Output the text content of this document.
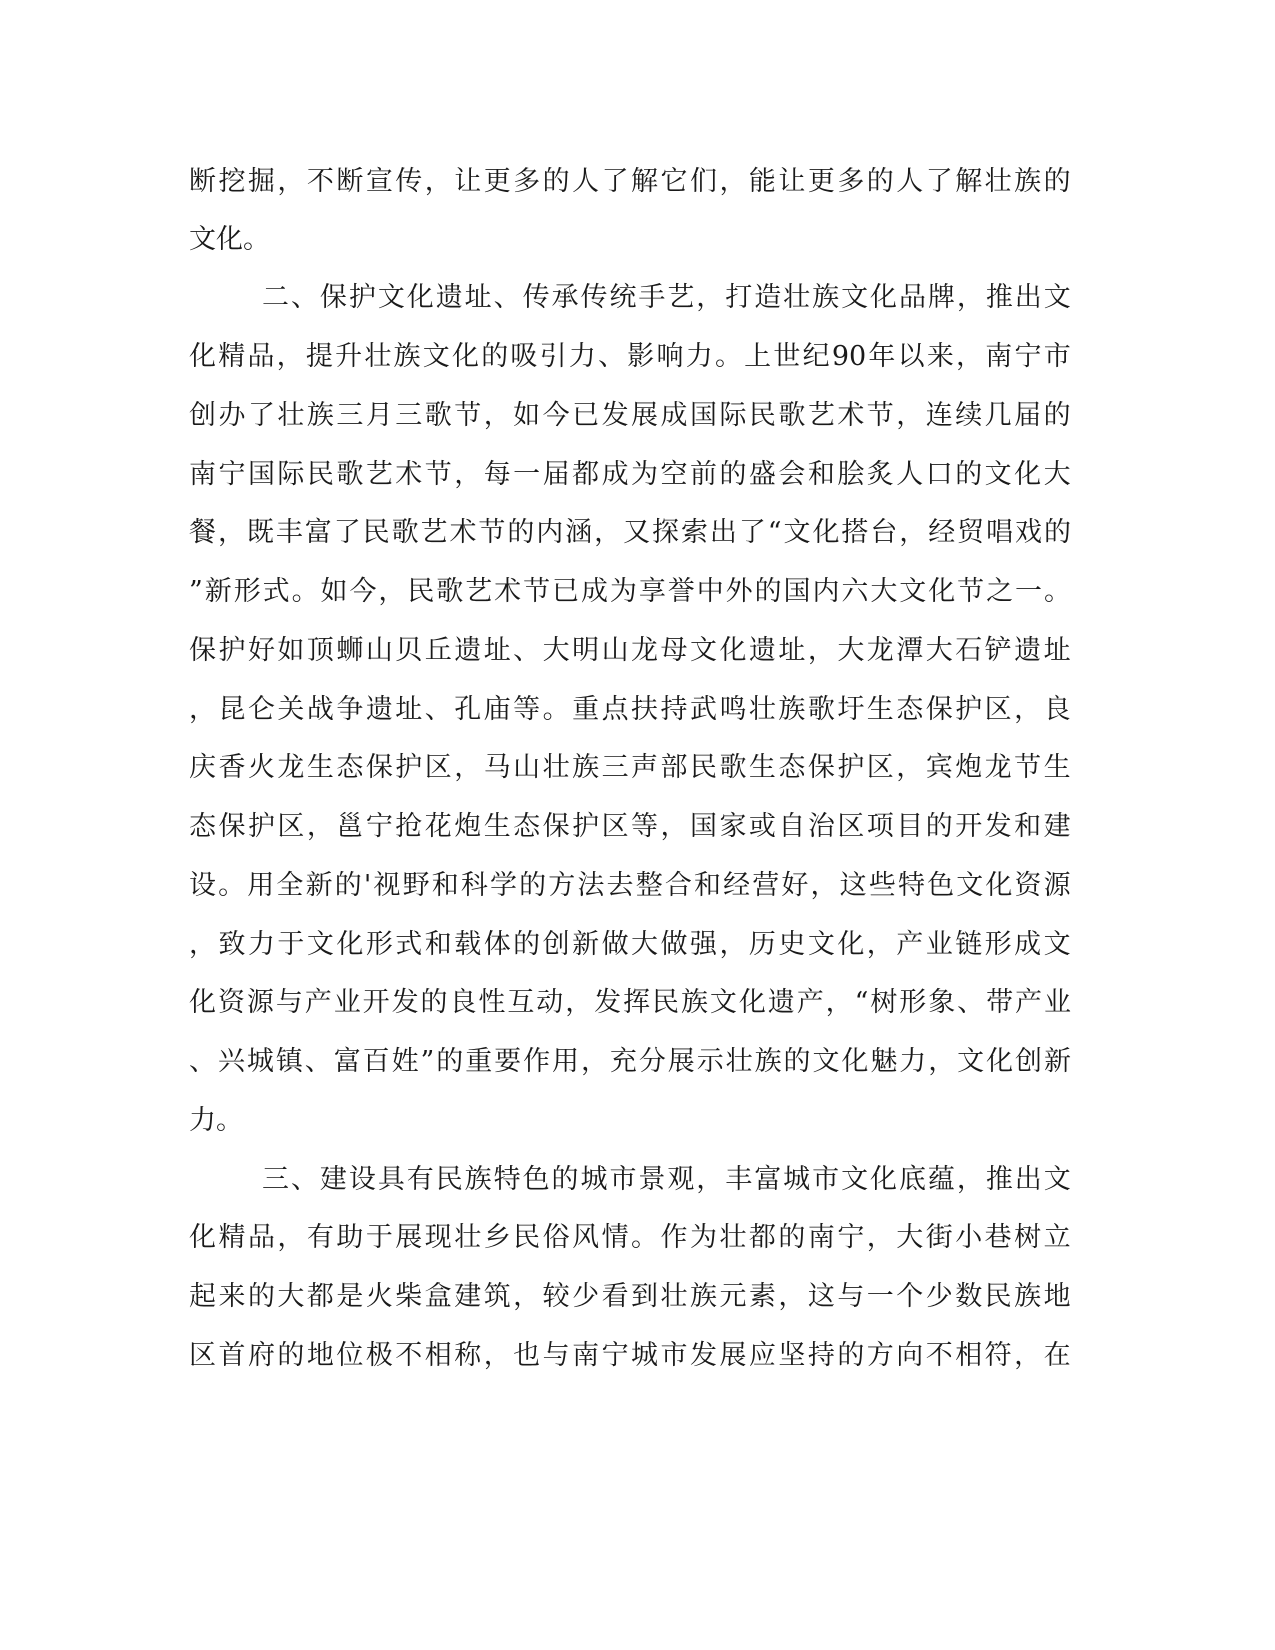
断 挖 掘 ， 不 断 宣 传 ， 让 更 多 的 人 了 解 它 们 ， 能 让 更 多 的 人 了 解 壮 族 的

文化。

二 、 保 护 文 化 遗 址 、 传 承 传 统 手 艺 ， 打 造 壮 族 文 化 品 牌 ， 推 出 文

化 精 品 ， 提 升 壮 族 文 化 的 吸 引 力 、 影 响 力 。 上 世 纪 90 年 以 来 ， 南 宁 市

创 办 了 壮 族 三 月 三 歌 节 ， 如 今 已 发 展 成 国 际 民 歌 艺 术 节 ， 连 续 几 届 的

南 宁 国 际 民 歌 艺 术 节 ， 每 一 届 都 成 为 空 前 的 盛 会 和 脍 炙 人 口 的 文 化 大

餐 ， 既 丰 富 了 民 歌 艺 术 节 的 内 涵 ， 又 探 索 出 了 “ 文 化 搭 台 ， 经 贸 唱 戏 的

” 新 形 式 。 如 今 ， 民 歌 艺 术 节 已 成 为 享 誉 中 外 的 国 内 六 大 文 化 节 之 一 。

保 护 好 如 顶 蛳 山 贝 丘 遗 址 、 大 明 山 龙 母 文 化 遗 址 ， 大 龙 潭 大 石 铲 遗 址

， 昆 仑 关 战 争 遗 址 、 孔 庙 等 。 重 点 扶 持 武 鸣 壮 族 歌 圩 生 态 保 护 区 ， 良

庆 香 火 龙 生 态 保 护 区 ， 马 山 壮 族 三 声 部 民 歌 生 态 保 护 区 ， 宾 炮 龙 节 生

态 保 护 区 ， 邕 宁 抢 花 炮 生 态 保 护 区 等 ， 国 家 或 自 治 区 项 目 的 开 发 和 建

设 。 用 全 新 的 ' 视 野 和 科 学 的 方 法 去 整 合 和 经 营 好 ， 这 些 特 色 文 化 资 源

， 致 力 于 文 化 形 式 和 载 体 的 创 新 做 大 做 强 ， 历 史 文 化 ， 产 业 链 形 成 文

化 资 源 与 产 业 开 发 的 良 性 互 动 ， 发 挥 民 族 文 化 遗 产 ， “ 树 形 象 、 带 产 业

、 兴 城 镇 、 富 百 姓 ” 的 重 要 作 用 ， 充 分 展 示 壮 族 的 文 化 魅 力 ， 文 化 创 新

力。

三 、 建 设 具 有 民 族 特 色 的 城 市 景 观 ， 丰 富 城 市 文 化 底 蕴 ， 推 出 文

化 精 品 ， 有 助 于 展 现 壮 乡 民 俗 风 情 。 作 为 壮 都 的 南 宁 ， 大 街 小 巷 树 立

起 来 的 大 都 是 火 柴 盒 建 筑 ， 较 少 看 到 壮 族 元 素 ， 这 与 一 个 少 数 民 族 地

区 首 府 的 地 位 极 不 相 称 ， 也 与 南 宁 城 市 发 展 应 坚 持 的 方 向 不 相 符 ， 在
